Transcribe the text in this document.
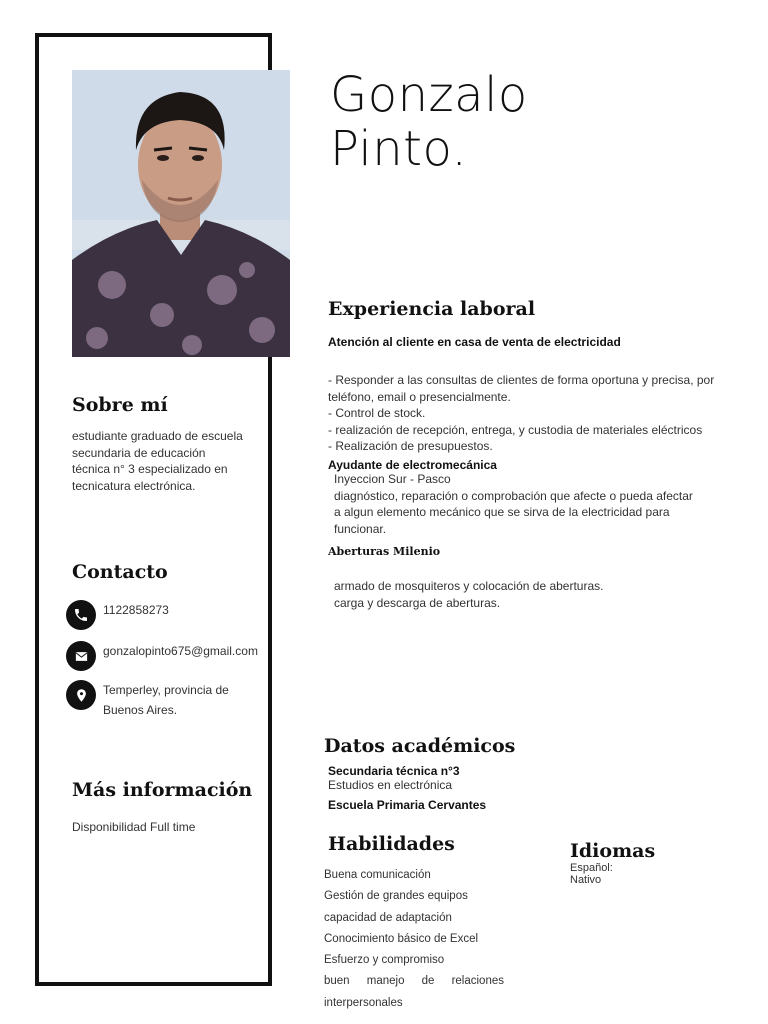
Gonzalo
Pinto.
Sobre mí
estudiante graduado de escuela
secundaria de educación
técnica n° 3 especializado en
tecnicatura electrónica.
Contacto
1122858273
gonzalopinto675@gmail.com
Temperley, provincia de
Buenos Aires.
Más información
Disponibilidad Full time
Experiencia laboral
Atención al cliente en casa de venta de electricidad
- Responder a las consultas de clientes de forma oportuna y precisa, por
teléfono, email o presencialmente.
- Control de stock.
- realización de recepción, entrega, y custodia de materiales eléctricos
- Realización de presupuestos.
Ayudante de electromecánica
Inyeccion Sur - Pasco
diagnóstico, reparación o comprobación que afecte o pueda afectar
a algun elemento mecánico que se sirva de la electricidad para
funcionar.
Aberturas Milenio
armado de mosquiteros y colocación de aberturas.
carga y descarga de aberturas.
Datos académicos
Secundaria técnica n°3
Estudios en electrónica
Escuela Primaria Cervantes
Habilidades
Buena comunicación
Gestión de grandes equipos
capacidad de adaptación
Conocimiento básico de Excel
Esfuerzo y compromiso
buen manejo de relaciones
interpersonales
Idiomas
Español:
Nativo
